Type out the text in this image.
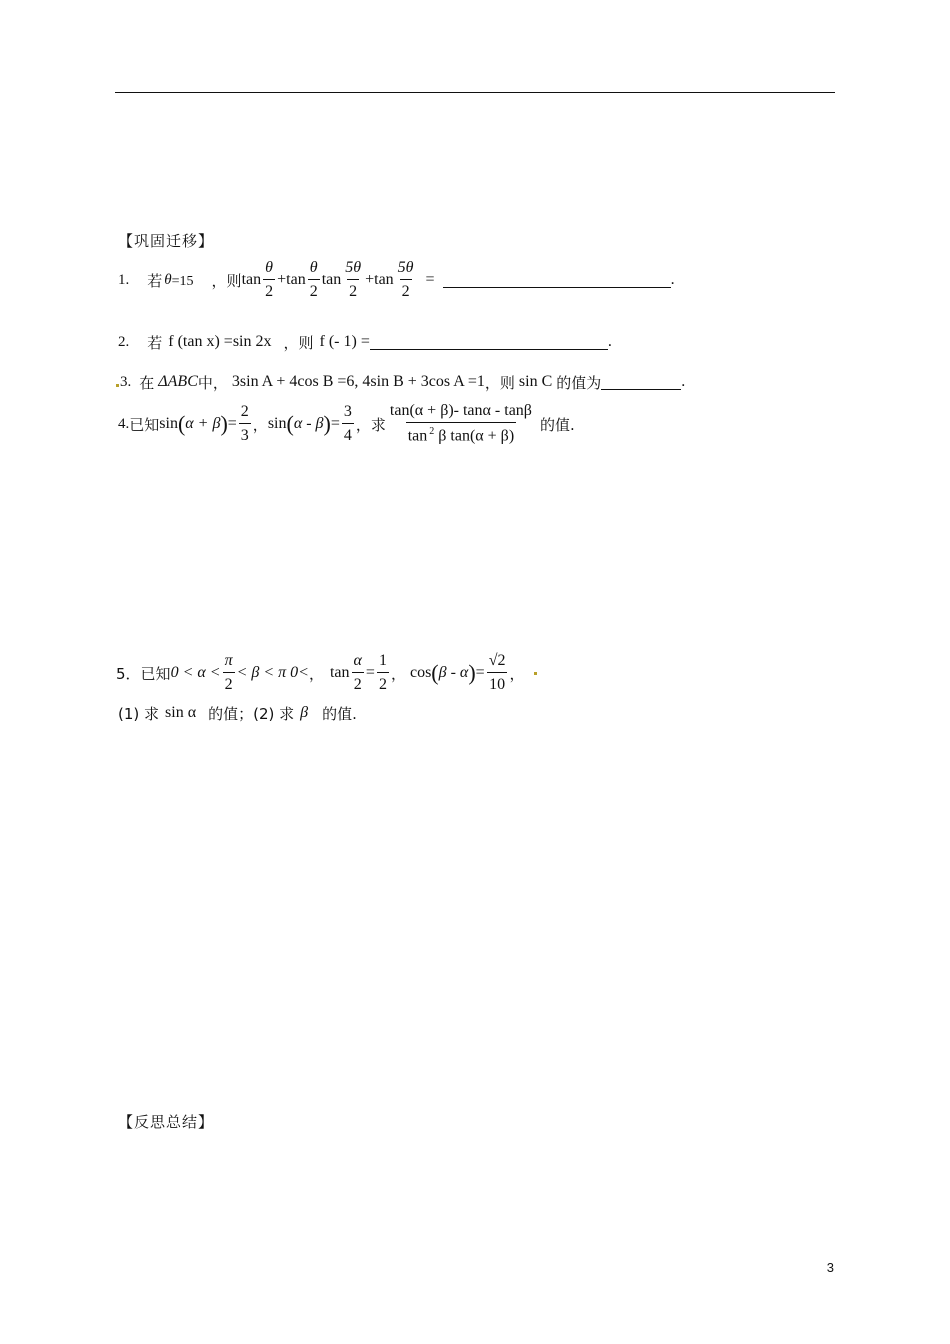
【巩固迁移】
1. 若 θ =15 ，则 $\tan \frac{\theta}{2} + \tan \frac{\theta}{2}$ $\tan \frac{5\theta}{2} + \tan \frac{5\theta}{2}$ =	.
2. 若 f (tan x) =sin 2x ，则 f (- 1) =	.
3. 在 ΔABC 中， 3sin A + 4cos B =6, 4sin B + 3cos A =1 ，则 sin C 的值为	.
4. 已知 sin ( α + β ) = $\frac{2}{3}$ ， sin ( α - β ) = $\frac{3}{4}$ ， 求 $\frac{\tan(\alpha + \beta)- \tan\alpha - \tan\beta}{\tan ^2 \beta \tan(\alpha + \beta)}$ 的值.
5． 已知 $0 < \alpha < \frac{\pi}{2} < \beta < \pi$ 0< ， $\tan \frac{\alpha}{2} = \frac{1}{2}$ ， cos ( β - α ) = $\frac{√2}{10}$ ，
(1) 求 sin α 的值；(2) 求 β 的值.
【反思总结】
3
